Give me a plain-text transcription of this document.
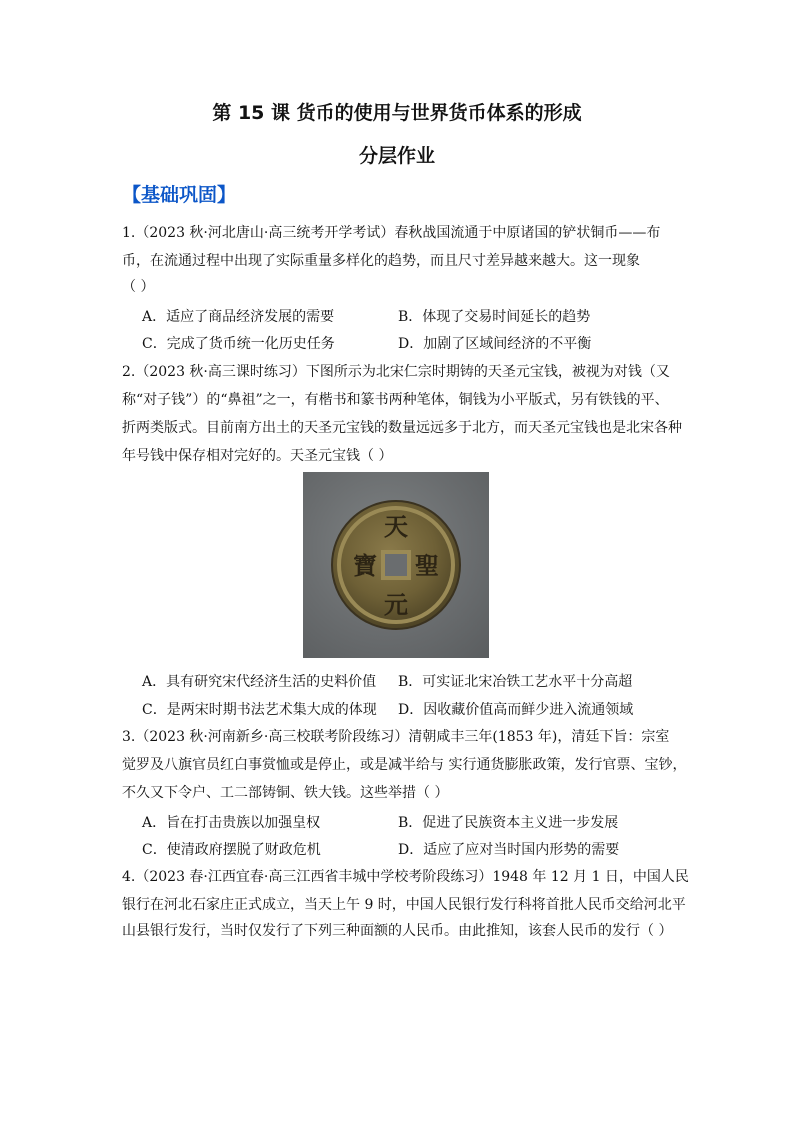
第 15 课 货币的使用与世界货币体系的形成
分层作业
【基础巩固】
1.（2023 秋·河北唐山·高三统考开学考试）春秋战国流通于中原诸国的铲状铜币——布
币，在流通过程中出现了实际重量多样化的趋势，而且尺寸差异越来越大。这一现象
（ ）
A．适应了商品经济发展的需要	B．体现了交易时间延长的趋势
C．完成了货币统一化历史任务	D．加剧了区域间经济的不平衡
2.（2023 秋·高三课时练习）下图所示为北宋仁宗时期铸的天圣元宝钱，被视为对钱（又
称“对子钱”）的“鼻祖”之一，有楷书和篆书两种笔体，铜钱为小平版式，另有铁钱的平、
折两类版式。目前南方出土的天圣元宝钱的数量远远多于北方，而天圣元宝钱也是北宋各种
年号钱中保存相对完好的。天圣元宝钱（ ）
天
聖
元
寶
A．具有研究宋代经济生活的史料价值 B．可实证北宋冶铁工艺水平十分高超
C．是两宋时期书法艺术集大成的体现 D．因收藏价值高而鲜少进入流通领域
3.（2023 秋·河南新乡·高三校联考阶段练习）清朝咸丰三年(1853 年)，清廷下旨：宗室
觉罗及八旗官员红白事赏恤或是停止，或是减半给与 实行通货膨胀政策，发行官票、宝钞，
不久又下令户、工二部铸铜、铁大钱。这些举措（ ）
A．旨在打击贵族以加强皇权	B．促进了民族资本主义进一步发展
C．使清政府摆脱了财政危机	D．适应了应对当时国内形势的需要
4.（2023 春·江西宜春·高三江西省丰城中学校考阶段练习）1948 年 12 月 1 日，中国人民
银行在河北石家庄正式成立，当天上午 9 时，中国人民银行发行科将首批人民币交给河北平
山县银行发行，当时仅发行了下列三种面额的人民币。由此推知，该套人民币的发行（ ）
